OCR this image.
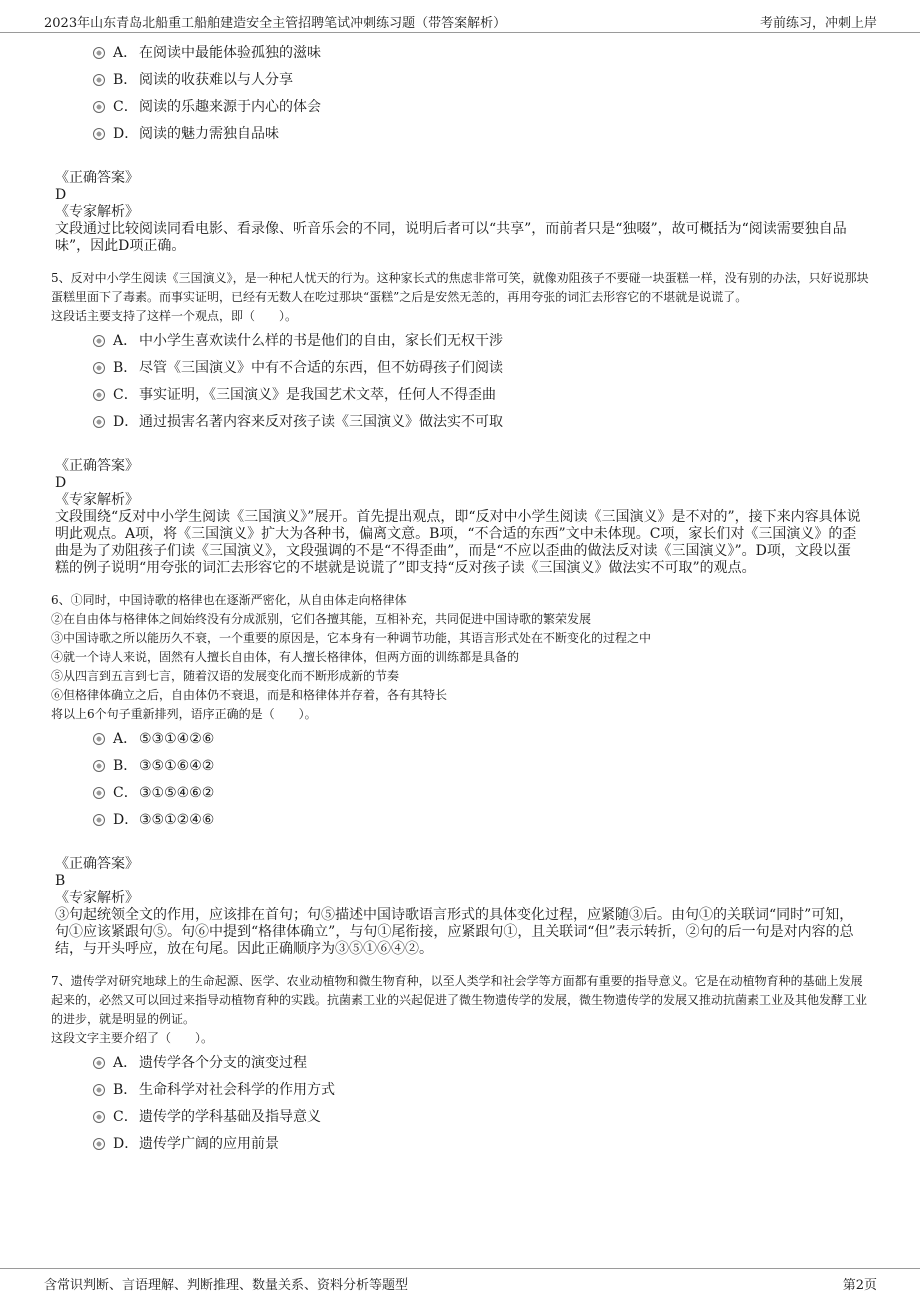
2023年山东青岛北船重工船舶建造安全主管招聘笔试冲刺练习题（带答案解析）	考前练习，冲刺上岸
A． 在阅读中最能体验孤独的滋味
B． 阅读的收获难以与人分享
C．阅读的乐趣来源于内心的体会
D．阅读的魅力需独自品味
《正确答案》
D
《专家解析》
文段通过比较阅读同看电影、看录像、听音乐会的不同，说明后者可以“共享”，而前者只是“独啜”，故可概括为“阅读需要独自品味”，因此D项正确。
5、反对中小学生阅读《三国演义》，是一种杞人忧天的行为。这种家长式的焦虑非常可笑，就像劝阻孩子不要碰一块蛋糕一样，没有别的办法，只好说那块蛋糕里面下了毒素。而事实证明，已经有无数人在吃过那块“蛋糕”之后是安然无恙的，再用夸张的词汇去形容它的不堪就是说谎了。
这段话主要支持了这样一个观点，即（　　）。
A． 中小学生喜欢读什么样的书是他们的自由，家长们无权干涉
B． 尽管《三国演义》中有不合适的东西，但不妨碍孩子们阅读
C．事实证明，《三国演义》是我国艺术文萃，任何人不得歪曲
D．通过损害名著内容来反对孩子读《三国演义》做法实不可取
《正确答案》
D
《专家解析》
文段围绕“反对中小学生阅读《三国演义》”展开。首先提出观点，即“反对中小学生阅读《三国演义》是不对的”，接下来内容具体说明此观点。A项，将《三国演义》扩大为各种书，偏离文意。B项，“不合适的东西”文中未体现。C项，家长们对《三国演义》的歪曲是为了劝阻孩子们读《三国演义》，文段强调的不是“不得歪曲”，而是“不应以歪曲的做法反对读《三国演义》”。D项，文段以蛋糕的例子说明“用夸张的词汇去形容它的不堪就是说谎了”即支持“反对孩子读《三国演义》做法实不可取”的观点。
6、①同时，中国诗歌的格律也在逐渐严密化，从自由体走向格律体
②在自由体与格律体之间始终没有分成派别，它们各擅其能，互相补充，共同促进中国诗歌的繁荣发展
③中国诗歌之所以能历久不衰，一个重要的原因是，它本身有一种调节功能，其语言形式处在不断变化的过程之中
④就一个诗人来说，固然有人擅长自由体，有人擅长格律体，但两方面的训练都是具备的
⑤从四言到五言到七言，随着汉语的发展变化而不断形成新的节奏
⑥但格律体确立之后，自由体仍不衰退，而是和格律体并存着，各有其特长
将以上6个句子重新排列，语序正确的是（　　）。
A． ⑤③①④②⑥
B． ③⑤①⑥④②
C．③①⑤④⑥②
D．③⑤①②④⑥
《正确答案》
B
《专家解析》
③句起统领全文的作用，应该排在首句；句⑤描述中国诗歌语言形式的具体变化过程，应紧随③后。由句①的关联词“同时”可知，句①应该紧跟句⑤。句⑥中提到“格律体确立”，与句①尾衔接，应紧跟句①，且关联词“但”表示转折，②句的后一句是对内容的总结，与开头呼应，放在句尾。因此正确顺序为③⑤①⑥④②。
7、遗传学对研究地球上的生命起源、医学、农业动植物和微生物育种，以至人类学和社会学等方面都有重要的指导意义。它是在动植物育种的基础上发展起来的，必然又可以回过来指导动植物育种的实践。抗菌素工业的兴起促进了微生物遗传学的发展，微生物遗传学的发展又推动抗菌素工业及其他发酵工业的进步，就是明显的例证。
这段文字主要介绍了（　　）。
A． 遗传学各个分支的演变过程
B． 生命科学对社会科学的作用方式
C．遗传学的学科基础及指导意义
D．遗传学广阔的应用前景
含常识判断、言语理解、判断推理、数量关系、资料分析等题型	第2页
